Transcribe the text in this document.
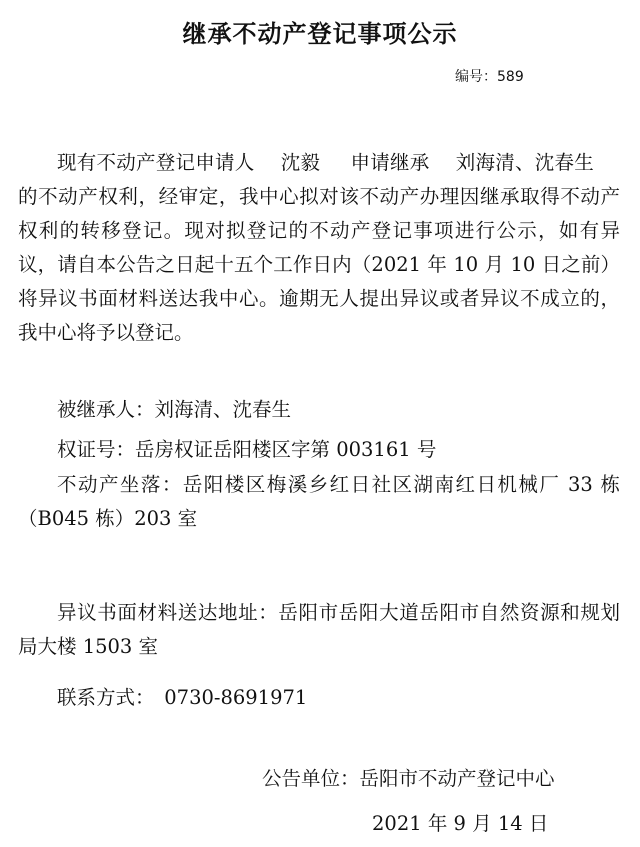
继承不动产登记事项公示
编号：589
现有不动产登记申请人 沈毅 申请继承 刘海清、沈春生的不动产权利，经审定，我中心拟对该不动产办理因继承取得不动产权利的转移登记。现对拟登记的不动产登记事项进行公示，如有异议，请自本公告之日起十五个工作日内（2021 年 10 月 10 日之前）将异议书面材料送达我中心。逾期无人提出异议或者异议不成立的，我中心将予以登记。
被继承人：刘海清、沈春生
权证号：岳房权证岳阳楼区字第 003161 号
不动产坐落：岳阳楼区梅溪乡红日社区湖南红日机械厂 33 栋（B045 栋）203 室
异议书面材料送达地址：岳阳市岳阳大道岳阳市自然资源和规划局大楼 1503 室
联系方式：　0730-8691971
公告单位：岳阳市不动产登记中心
2021 年 9 月 14 日
